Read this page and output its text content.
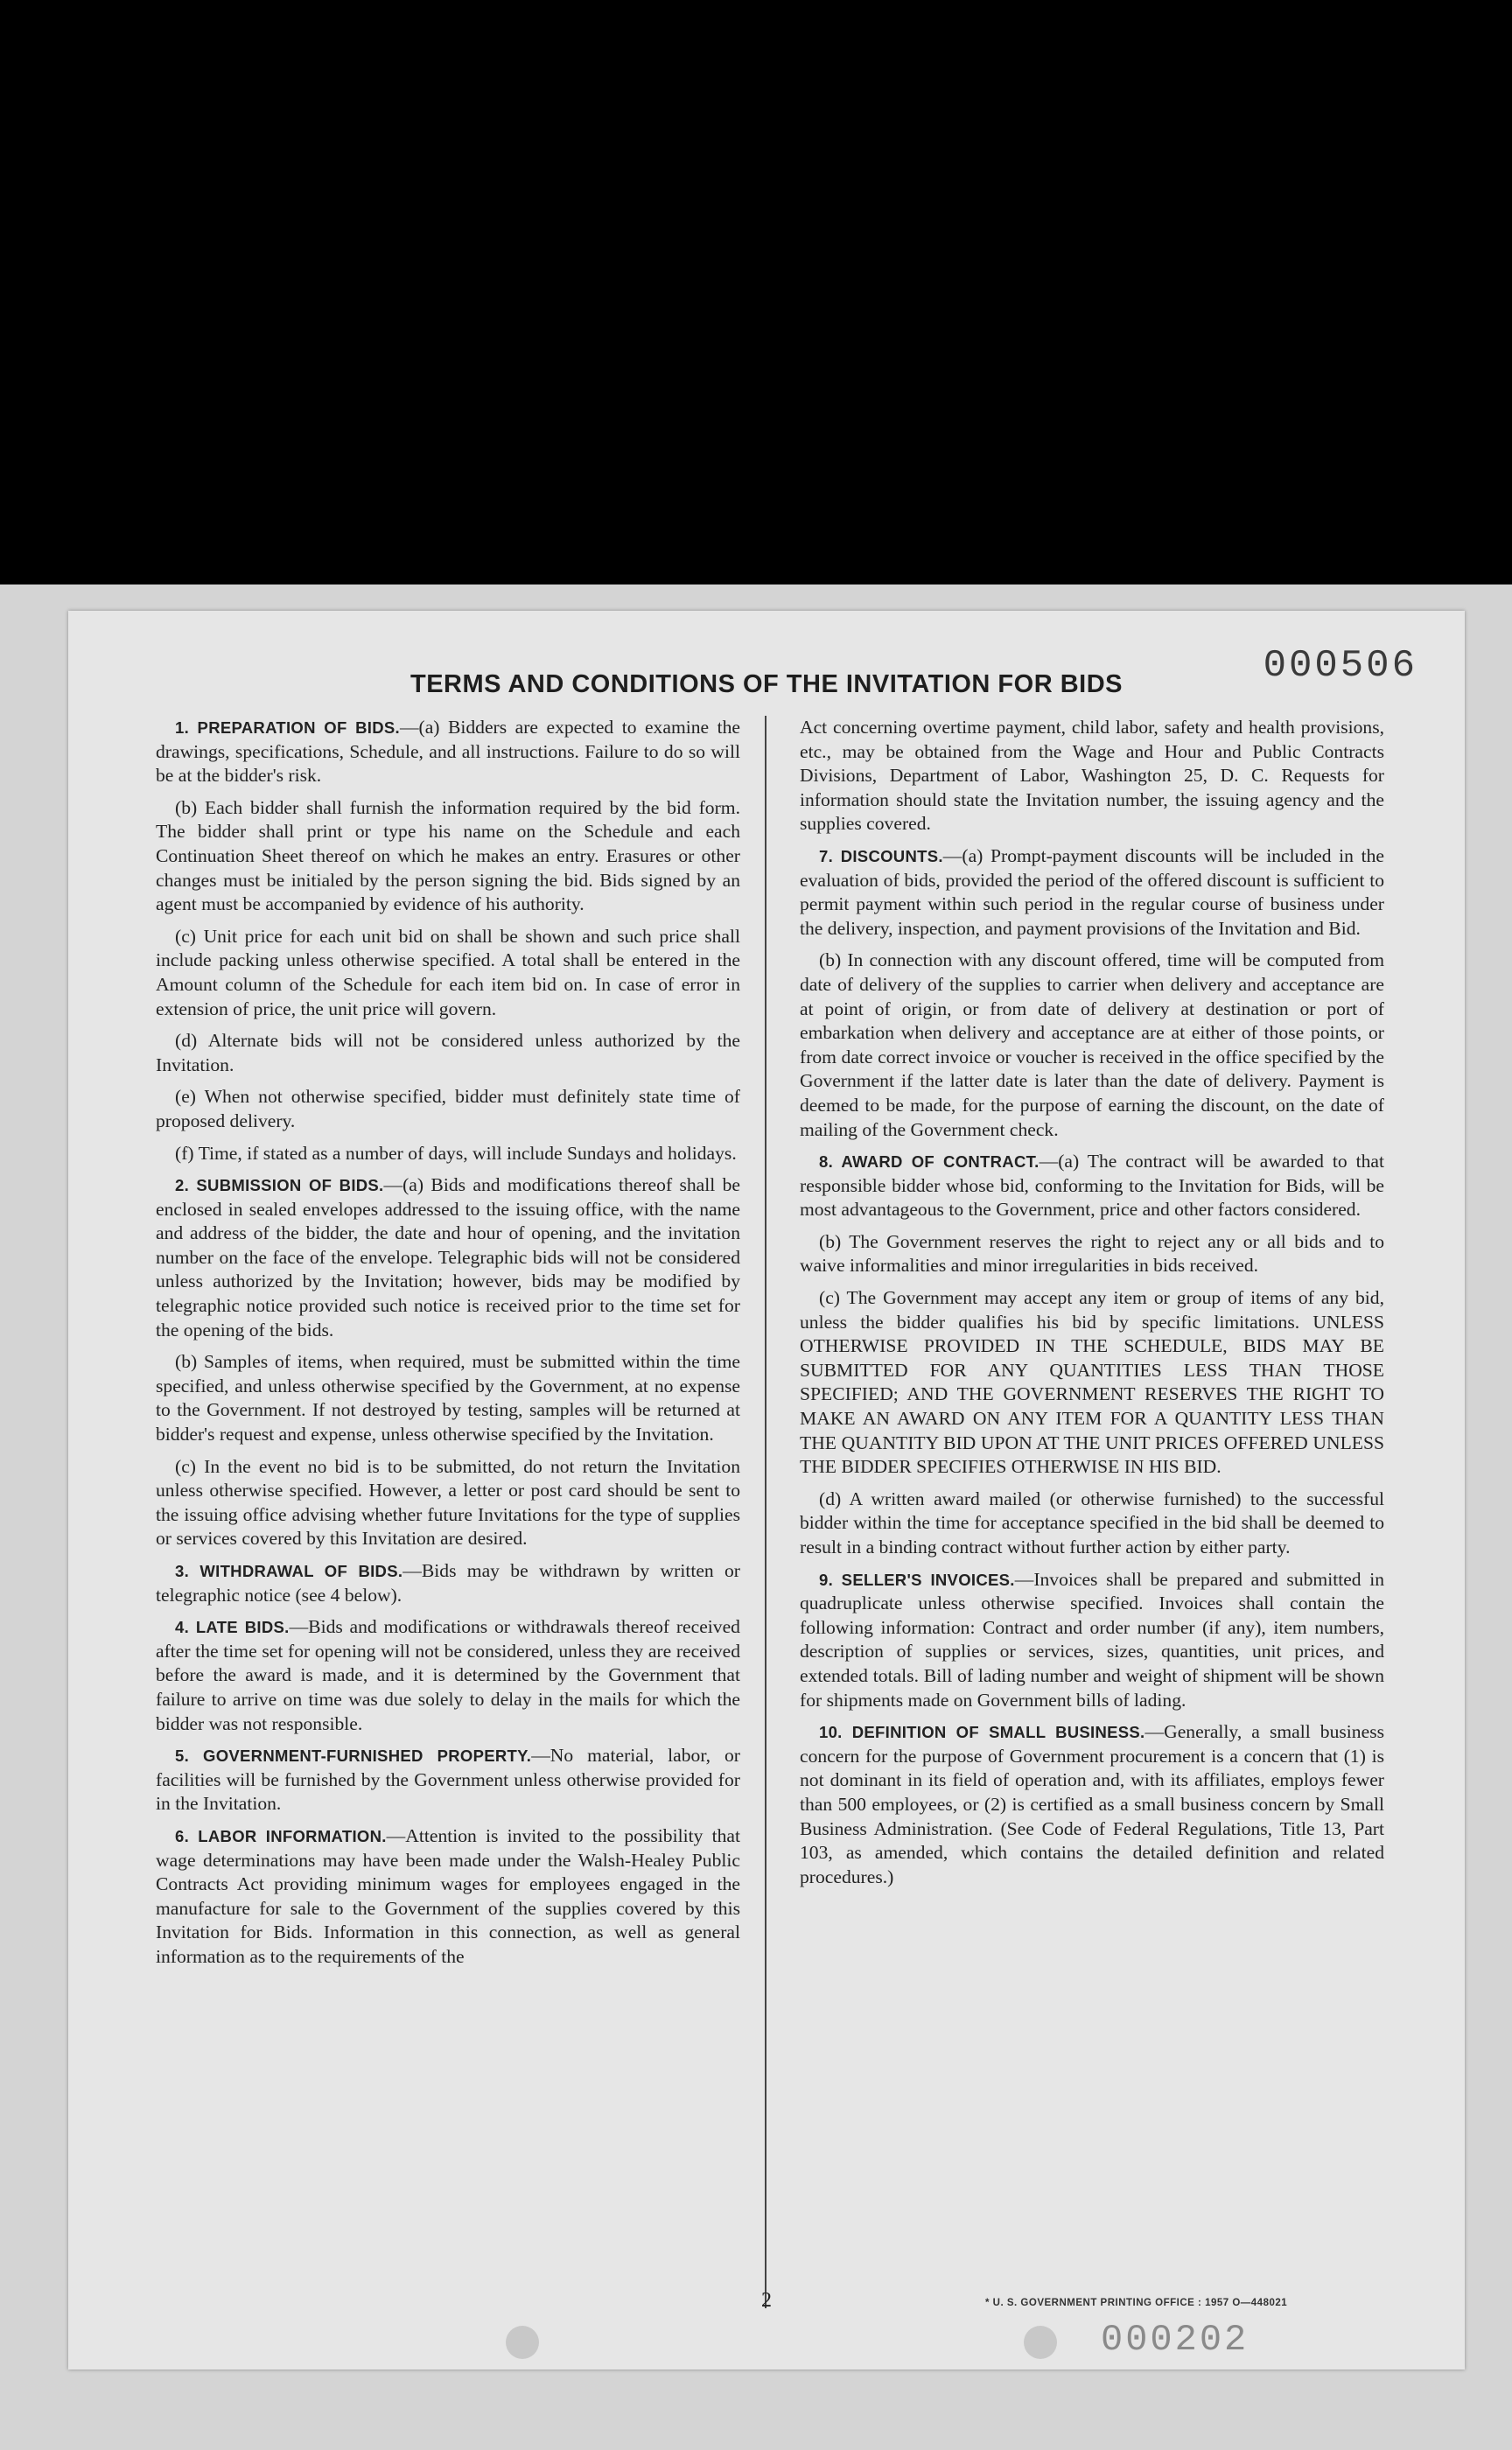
000506
TERMS AND CONDITIONS OF THE INVITATION FOR BIDS

1. PREPARATION OF BIDS.—(a) Bidders are expected to examine the drawings, specifications, Schedule, and all instructions. Failure to do so will be at the bidder's risk.

(b) Each bidder shall furnish the information required by the bid form. The bidder shall print or type his name on the Schedule and each Continuation Sheet thereof on which he makes an entry. Erasures or other changes must be initialed by the person signing the bid. Bids signed by an agent must be accompanied by evidence of his authority.

(c) Unit price for each unit bid on shall be shown and such price shall include packing unless otherwise specified. A total shall be entered in the Amount column of the Schedule for each item bid on. In case of error in extension of price, the unit price will govern.

(d) Alternate bids will not be considered unless authorized by the Invitation.

(e) When not otherwise specified, bidder must definitely state time of proposed delivery.

(f) Time, if stated as a number of days, will include Sundays and holidays.

2. SUBMISSION OF BIDS.—(a) Bids and modifications thereof shall be enclosed in sealed envelopes addressed to the issuing office, with the name and address of the bidder, the date and hour of opening, and the invitation number on the face of the envelope. Telegraphic bids will not be considered unless authorized by the Invitation; however, bids may be modified by telegraphic notice provided such notice is received prior to the time set for the opening of the bids.

(b) Samples of items, when required, must be submitted within the time specified, and unless otherwise specified by the Government, at no expense to the Government. If not destroyed by testing, samples will be returned at bidder's request and expense, unless otherwise specified by the Invitation.

(c) In the event no bid is to be submitted, do not return the Invitation unless otherwise specified. However, a letter or post card should be sent to the issuing office advising whether future Invitations for the type of supplies or services covered by this Invitation are desired.

3. WITHDRAWAL OF BIDS.—Bids may be withdrawn by written or telegraphic notice (see 4 below).

4. LATE BIDS.—Bids and modifications or withdrawals thereof received after the time set for opening will not be considered, unless they are received before the award is made, and it is determined by the Government that failure to arrive on time was due solely to delay in the mails for which the bidder was not responsible.

5. GOVERNMENT-FURNISHED PROPERTY.—No material, labor, or facilities will be furnished by the Government unless otherwise provided for in the Invitation.

6. LABOR INFORMATION.—Attention is invited to the possibility that wage determinations may have been made under the Walsh-Healey Public Contracts Act providing minimum wages for employees engaged in the manufacture for sale to the Government of the supplies covered by this Invitation for Bids. Information in this connection, as well as general information as to the requirements of the

Act concerning overtime payment, child labor, safety and health provisions, etc., may be obtained from the Wage and Hour and Public Contracts Divisions, Department of Labor, Washington 25, D. C. Requests for information should state the Invitation number, the issuing agency and the supplies covered.

7. DISCOUNTS.—(a) Prompt-payment discounts will be included in the evaluation of bids, provided the period of the offered discount is sufficient to permit payment within such period in the regular course of business under the delivery, inspection, and payment provisions of the Invitation and Bid.

(b) In connection with any discount offered, time will be computed from date of delivery of the supplies to carrier when delivery and acceptance are at point of origin, or from date of delivery at destination or port of embarkation when delivery and acceptance are at either of those points, or from date correct invoice or voucher is received in the office specified by the Government if the latter date is later than the date of delivery. Payment is deemed to be made, for the purpose of earning the discount, on the date of mailing of the Government check.

8. AWARD OF CONTRACT.—(a) The contract will be awarded to that responsible bidder whose bid, conforming to the Invitation for Bids, will be most advantageous to the Government, price and other factors considered.

(b) The Government reserves the right to reject any or all bids and to waive informalities and minor irregularities in bids received.

(c) The Government may accept any item or group of items of any bid, unless the bidder qualifies his bid by specific limitations. UNLESS OTHERWISE PROVIDED IN THE SCHEDULE, BIDS MAY BE SUBMITTED FOR ANY QUANTITIES LESS THAN THOSE SPECIFIED; AND THE GOVERNMENT RESERVES THE RIGHT TO MAKE AN AWARD ON ANY ITEM FOR A QUANTITY LESS THAN THE QUANTITY BID UPON AT THE UNIT PRICES OFFERED UNLESS THE BIDDER SPECIFIES OTHERWISE IN HIS BID.

(d) A written award mailed (or otherwise furnished) to the successful bidder within the time for acceptance specified in the bid shall be deemed to result in a binding contract without further action by either party.

9. SELLER'S INVOICES.—Invoices shall be prepared and submitted in quadruplicate unless otherwise specified. Invoices shall contain the following information: Contract and order number (if any), item numbers, description of supplies or services, sizes, quantities, unit prices, and extended totals. Bill of lading number and weight of shipment will be shown for shipments made on Government bills of lading.

10. DEFINITION OF SMALL BUSINESS.—Generally, a small business concern for the purpose of Government procurement is a concern that (1) is not dominant in its field of operation and, with its affiliates, employs fewer than 500 employees, or (2) is certified as a small business concern by Small Business Administration. (See Code of Federal Regulations, Title 13, Part 103, as amended, which contains the detailed definition and related procedures.)

2	* U. S. GOVERNMENT PRINTING OFFICE : 1957 O—448021
000202
